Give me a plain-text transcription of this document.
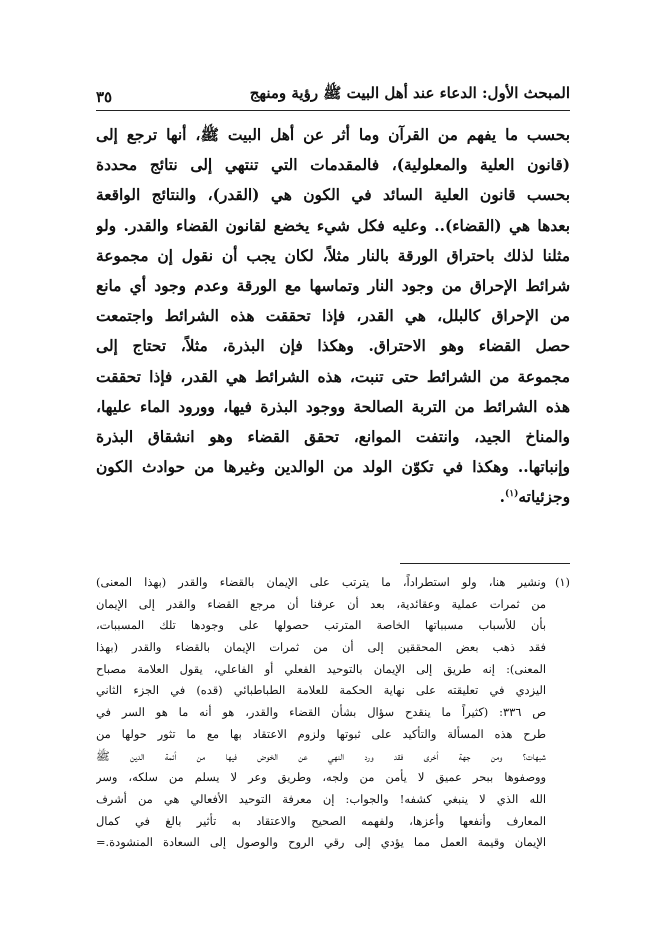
المبحث الأول: الدعاء عند أهل البيت ﷺ رؤية ومنهج
٣٥
بحسب ما يفهم من القرآن وما أثر عن أهل البيت ﷺ، أنها ترجع إلى
(قانون العلية والمعلولية)، فالمقدمات التي تنتهي إلى نتائج محددة
بحسب قانون العلية السائد في الكون هي (القدر)، والنتائج الواقعة
بعدها هي (القضاء).. وعليه فكل شيء يخضع لقانون القضاء والقدر. ولو
مثلنا لذلك باحتراق الورقة بالنار مثلاً، لكان يجب أن نقول إن مجموعة
شرائط الإحراق من وجود النار وتماسها مع الورقة وعدم وجود أي مانع
من الإحراق كالبلل، هي القدر، فإذا تحققت هذه الشرائط واجتمعت
حصل القضاء وهو الاحتراق. وهكذا فإن البذرة، مثلاً، تحتاج إلى
مجموعة من الشرائط حتى تنبت، هذه الشرائط هي القدر، فإذا تحققت
هذه الشرائط من التربة الصالحة ووجود البذرة فيها، وورود الماء عليها،
والمناخ الجيد، وانتفت الموانع، تحقق القضاء وهو انشقاق البذرة
وإنباتها.. وهكذا في تكوّن الولد من الوالدين وغيرها من حوادث الكون
وجزئياته$^{(١)}$.
(١)ونشير هنا، ولو استطراداً، ما يترتب على الإيمان بالقضاء والقدر (بهذا المعنى)
من ثمرات عملية وعقائدية، بعد أن عرفنا أن مرجع القضاء والقدر إلى الإيمان
بأن للأسباب مسبباتها الخاصة المترتب حصولها على وجودها تلك المسببات،
فقد ذهب بعض المحققين إلى أن من ثمرات الإيمان بالقضاء والقدر (بهذا
المعنى): إنه طريق إلى الإيمان بالتوحيد الفعلي أو الفاعلي، يقول العلامة مصباح
اليزدي في تعليقته على نهاية الحكمة للعلامة الطباطبائي (قده) في الجزء الثاني
ص ٣٣٦: (كثيراً ما ينقدح سؤال بشأن القضاء والقدر، هو أنه ما هو السر في
طرح هذه المسألة والتأكيد على ثبوتها ولزوم الاعتقاد بها مع ما تثور حولها من
شبهات؟ ومن جهة أخرى فقد ورد النهي عن الخوض فيها من أئمة الدين ﷺ
ووصفوها ببحر عميق لا يأمن من ولجه، وطريق وعر لا يسلم من سلكه، وسر
الله الذي لا ينبغي كشفه! والجواب: إن معرفة التوحيد الأفعالي هي من أشرف
المعارف وأنفعها وأعزها، ولفهمه الصحيح والاعتقاد به تأثير بالغ في كمال
الإيمان وقيمة العمل مما يؤدي إلى رقي الروح والوصول إلى السعادة المنشودة.=
